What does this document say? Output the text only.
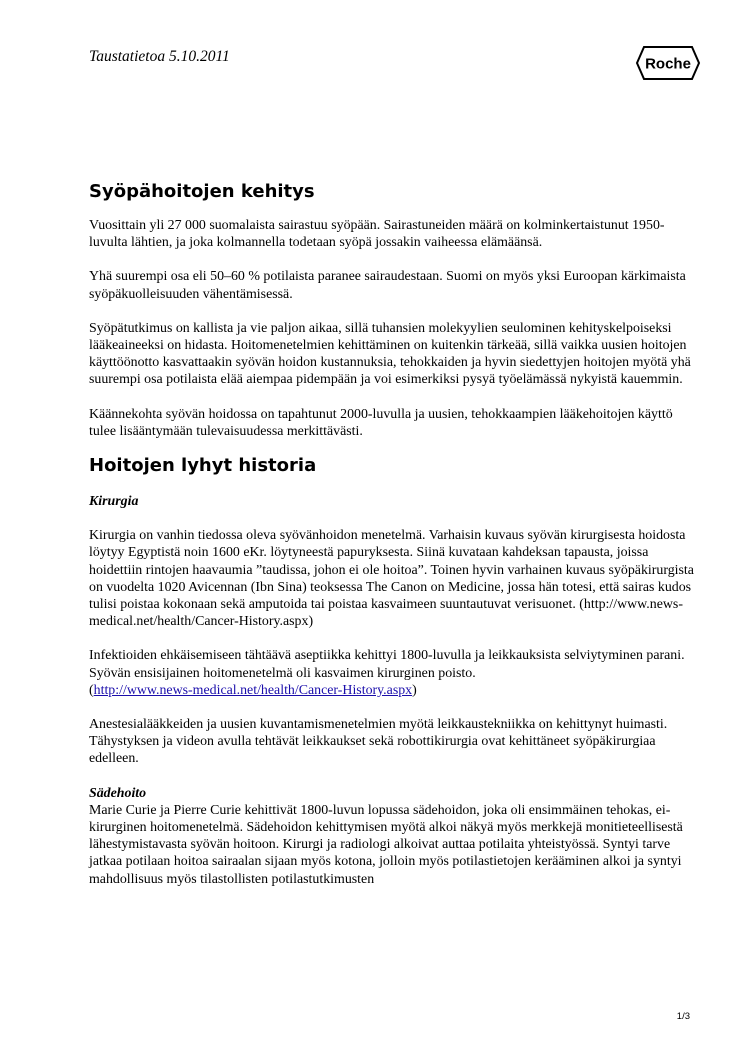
Taustatietoa 5.10.2011	Roche
Syöpähoitojen kehitys

Vuosittain yli 27 000 suomalaista sairastuu syöpään. Sairastuneiden määrä on kolminkertaistunut 1950-luvulta lähtien, ja joka kolmannella todetaan syöpä jossakin vaiheessa elämäänsä.

Yhä suurempi osa eli 50–60 % potilaista paranee sairaudestaan. Suomi on myös yksi Euroopan kärkimaista syöpäkuolleisuuden vähentämisessä.

Syöpätutkimus on kallista ja vie paljon aikaa, sillä tuhansien molekyylien seulominen kehityskelpoiseksi lääkeaineeksi on hidasta. Hoitomenetelmien kehittäminen on kuitenkin tärkeää, sillä vaikka uusien hoitojen käyttöönotto kasvattaakin syövän hoidon kustannuksia, tehokkaiden ja hyvin siedettyjen hoitojen myötä yhä suurempi osa potilaista elää aiempaa pidempään ja voi esimerkiksi pysyä työelämässä nykyistä kauemmin.

Käännekohta syövän hoidossa on tapahtunut 2000-luvulla ja uusien, tehokkaampien lääkehoitojen käyttö tulee lisääntymään tulevaisuudessa merkittävästi.

Hoitojen lyhyt historia
Kirurgia

Kirurgia on vanhin tiedossa oleva syövänhoidon menetelmä. Varhaisin kuvaus syövän kirurgisesta hoidosta löytyy Egyptistä noin 1600 eKr. löytyneestä papuryksesta. Siinä kuvataan kahdeksan tapausta, joissa hoidettiin rintojen haavaumia ”taudissa, johon ei ole hoitoa”. Toinen hyvin varhainen kuvaus syöpäkirurgista on vuodelta 1020 Avicennan (Ibn Sina) teoksessa The Canon on Medicine, jossa hän totesi, että sairas kudos tulisi poistaa kokonaan sekä amputoida tai poistaa kasvaimeen suuntautuvat verisuonet. (http://www.news-medical.net/health/Cancer-History.aspx)

Infektioiden ehkäisemiseen tähtäävä aseptiikka kehittyi 1800-luvulla ja leikkauksista selviytyminen parani. Syövän ensisijainen hoitomenetelmä oli kasvaimen kirurginen poisto.
(http://www.news-medical.net/health/Cancer-History.aspx)

Anestesialääkkeiden ja uusien kuvantamismenetelmien myötä leikkaustekniikka on kehittynyt huimasti. Tähystyksen ja videon avulla tehtävät leikkaukset sekä robottikirurgia ovat kehittäneet syöpäkirurgiaa edelleen.

Sädehoito

Marie Curie ja Pierre Curie kehittivät 1800-luvun lopussa sädehoidon, joka oli ensimmäinen tehokas, ei-kirurginen hoitomenetelmä. Sädehoidon kehittymisen myötä alkoi näkyä myös merkkejä monitieteellisestä lähestymistavasta syövän hoitoon. Kirurgi ja radiologi alkoivat auttaa potilaita yhteistyössä. Syntyi tarve jatkaa potilaan hoitoa sairaalan sijaan myös kotona, jolloin myös potilastietojen kerääminen alkoi ja syntyi mahdollisuus myös tilastollisten potilastutkimusten

1/3
